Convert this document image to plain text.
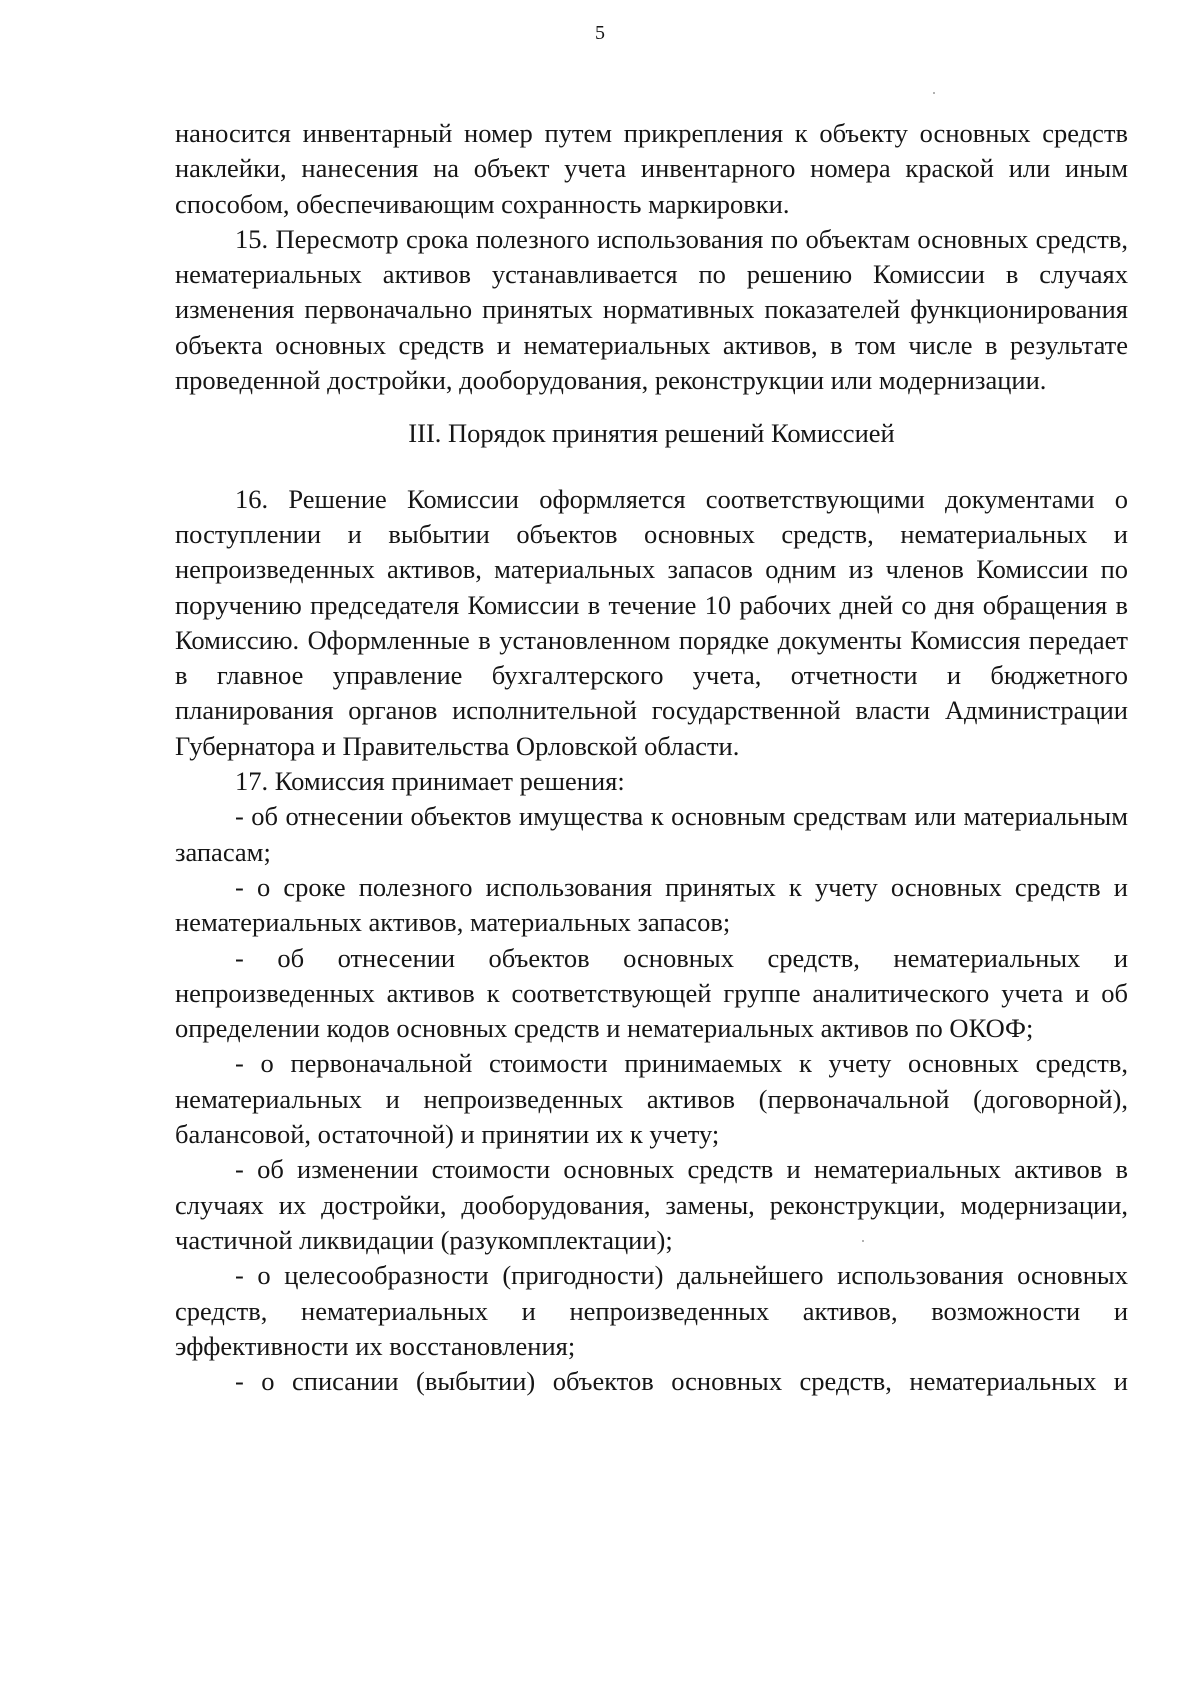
5

наносится инвентарный номер путем прикрепления к объекту основных средств наклейки, нанесения на объект учета инвентарного номера краской или иным способом, обеспечивающим сохранность маркировки.

15. Пересмотр срока полезного использования по объектам основных средств, нематериальных активов устанавливается по решению Комиссии в случаях изменения первоначально принятых нормативных показателей функционирования объекта основных средств и нематериальных активов, в том числе в результате проведенной достройки, дооборудования, реконструкции или модернизации.

III. Порядок принятия решений Комиссией

16. Решение Комиссии оформляется соответствующими документами о поступлении и выбытии объектов основных средств, нематериальных и непроизведенных активов, материальных запасов одним из членов Комиссии по поручению председателя Комиссии в течение 10 рабочих дней со дня обращения в Комиссию. Оформленные в установленном порядке документы Комиссия передает в главное управление бухгалтерского учета, отчетности и бюджетного планирования органов исполнительной государственной власти Администрации Губернатора и Правительства Орловской области.

17. Комиссия принимает решения:

- об отнесении объектов имущества к основным средствам или материальным запасам;

- о сроке полезного использования принятых к учету основных средств и нематериальных активов, материальных запасов;

- об отнесении объектов основных средств, нематериальных и непроизведенных активов к соответствующей группе аналитического учета и об определении кодов основных средств и нематериальных активов по ОКОФ;

- о первоначальной стоимости принимаемых к учету основных средств, нематериальных и непроизведенных активов (первоначальной (договорной), балансовой, остаточной) и принятии их к учету;

- об изменении стоимости основных средств и нематериальных активов в случаях их достройки, дооборудования, замены, реконструкции, модернизации, частичной ликвидации (разукомплектации);

- о целесообразности (пригодности) дальнейшего использования основных средств, нематериальных и непроизведенных активов, возможности и эффективности их восстановления;

- о списании (выбытии) объектов основных средств, нематериальных и
